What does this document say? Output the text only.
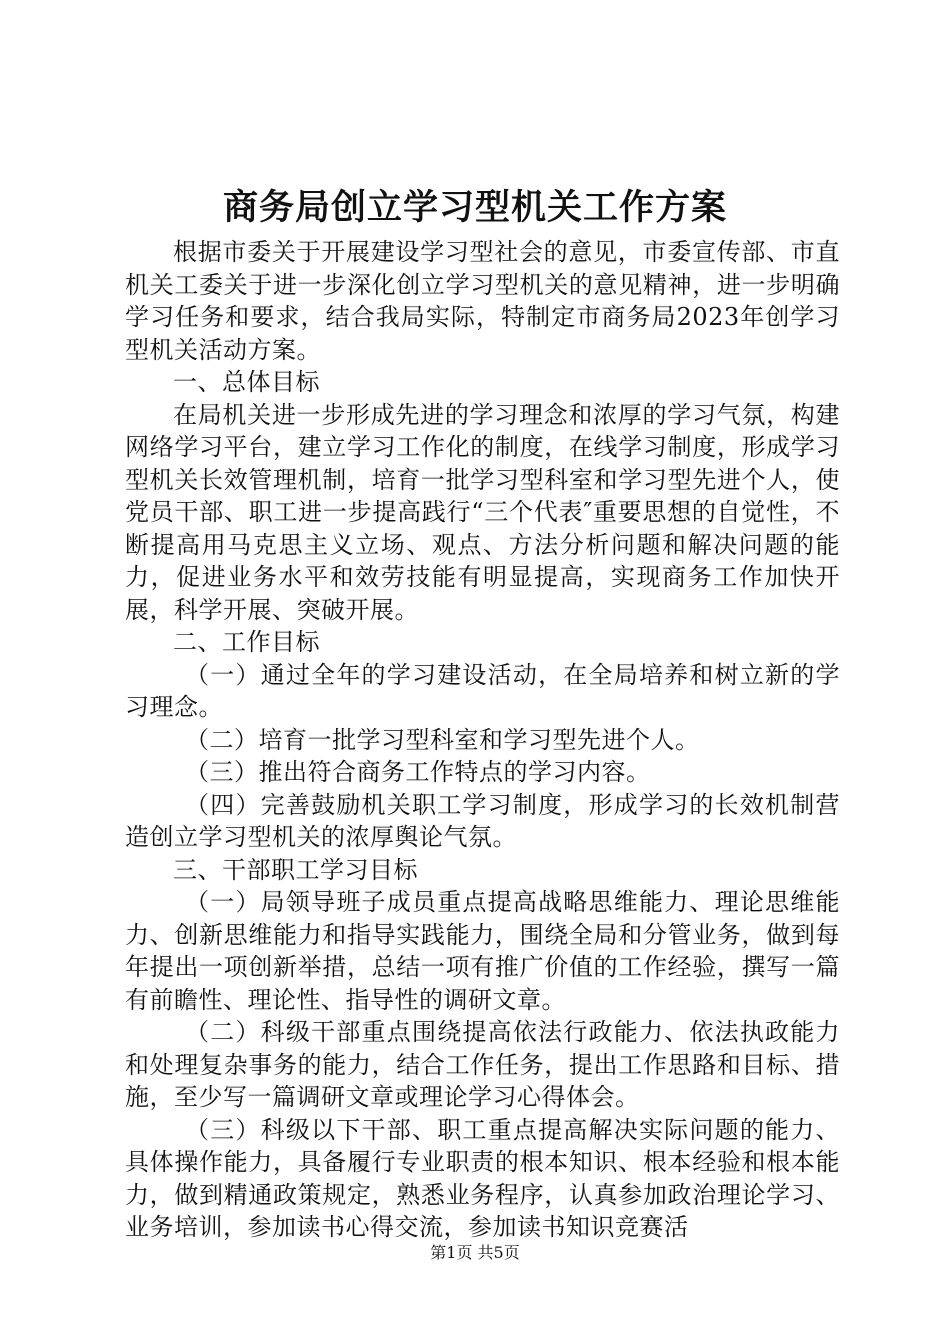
商务局创立学习型机关工作方案

根据市委关于开展建设学习型社会的意见，市委宣传部、市直机关工委关于进一步深化创立学习型机关的意见精神，进一步明确学习任务和要求，结合我局实际，特制定市商务局2023年创学习型机关活动方案。

一、总体目标

在局机关进一步形成先进的学习理念和浓厚的学习气氛，构建网络学习平台，建立学习工作化的制度，在线学习制度，形成学习型机关长效管理机制，培育一批学习型科室和学习型先进个人，使党员干部、职工进一步提高践行“三个代表″重要思想的自觉性，不断提高用马克思主义立场、观点、方法分析问题和解决问题的能力，促进业务水平和效劳技能有明显提高，实现商务工作加快开展，科学开展、突破开展。

二、工作目标

（一）通过全年的学习建设活动，在全局培养和树立新的学习理念。

（二）培育一批学习型科室和学习型先进个人。

（三）推出符合商务工作特点的学习内容。

（四）完善鼓励机关职工学习制度，形成学习的长效机制营造创立学习型机关的浓厚舆论气氛。

三、干部职工学习目标

（一）局领导班子成员重点提高战略思维能力、理论思维能力、创新思维能力和指导实践能力，围绕全局和分管业务，做到每年提出一项创新举措，总结一项有推广价值的工作经验，撰写一篇有前瞻性、理论性、指导性的调研文章。

（二）科级干部重点围绕提高依法行政能力、依法执政能力和处理复杂事务的能力，结合工作任务，提出工作思路和目标、措施，至少写一篇调研文章或理论学习心得体会。

（三）科级以下干部、职工重点提高解决实际问题的能力、具体操作能力，具备履行专业职责的根本知识、根本经验和根本能力，做到精通政策规定，熟悉业务程序，认真参加政治理论学习、业务培训，参加读书心得交流，参加读书知识竞赛活

第1页 共5页
